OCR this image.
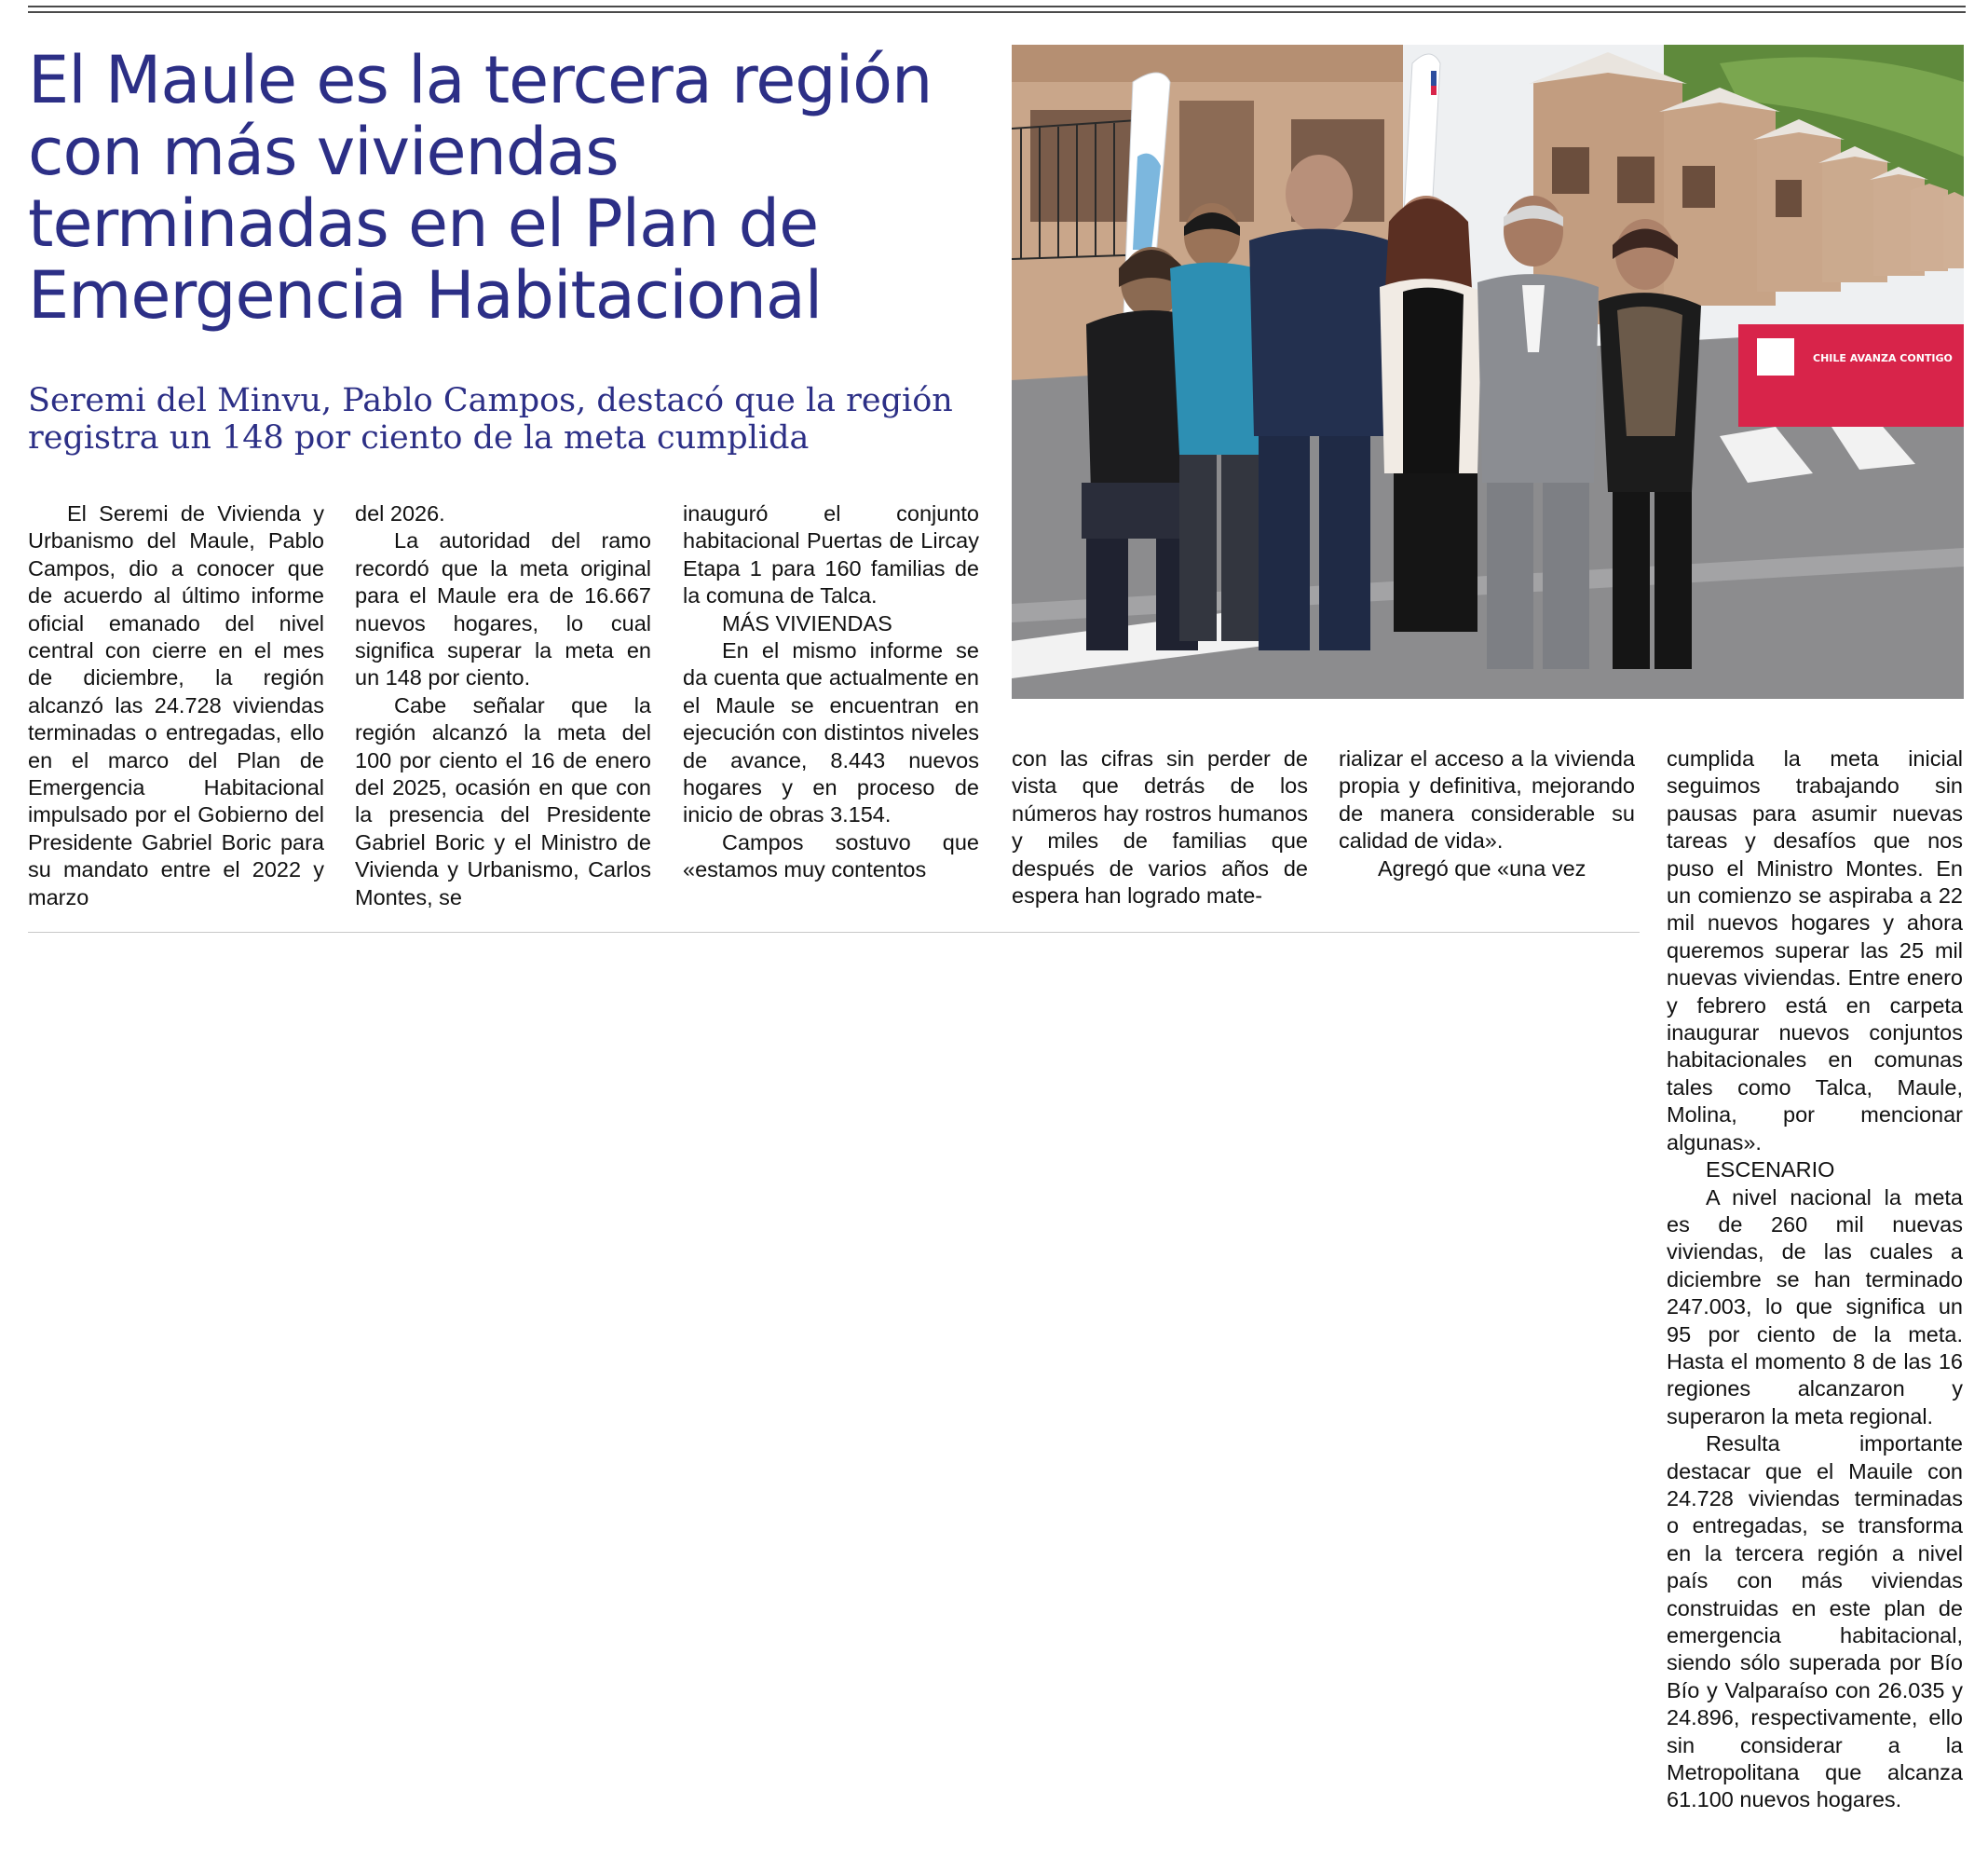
El Maule es la tercera región con más viviendas terminadas en el Plan de Emergencia Habitacional
Seremi del Minvu, Pablo Campos, destacó que la región registra un 148 por ciento de la meta cumplida
CHILE AVANZA CONTIGO

El Seremi de Vivienda y Urbanismo del Maule, Pablo Campos, dio a conocer que de acuerdo al último informe oficial emanado del nivel central con cierre en el mes de diciembre, la región alcanzó las 24.728 viviendas terminadas o entregadas, ello en el marco del Plan de Emergencia Habitacional impulsado por el Gobierno del Presidente Gabriel Boric para su mandato entre el 2022 y marzo

del 2026.

La autoridad del ramo recordó que la meta original para el Maule era de 16.667 nuevos hogares, lo cual significa superar la meta en un 148 por ciento.

Cabe señalar que la región alcanzó la meta del 100 por ciento el 16 de enero del 2025, ocasión en que con la presencia del Presidente Gabriel Boric y el Ministro de Vivienda y Urbanismo, Carlos Montes, se

inauguró el conjunto habitacional Puertas de Lircay Etapa 1 para 160 familias de la comuna de Talca.

MÁS VIVIENDAS

En el mismo informe se da cuenta que actualmente en el Maule se encuentran en ejecución con distintos niveles de avance, 8.443 nuevos hogares y en proceso de inicio de obras 3.154.

Campos sostuvo que «estamos muy contentos

con las cifras sin perder de vista que detrás de los números hay rostros humanos y miles de familias que después de varios años de espera han logrado mate-

rializar el acceso a la vivienda propia y definitiva, mejorando de manera considerable su calidad de vida».

Agregó que «una vez

cumplida la meta inicial seguimos trabajando sin pausas para asumir nuevas tareas y desafíos que nos puso el Ministro Montes. En un comienzo se aspiraba a 22 mil nuevos hogares y ahora queremos superar las 25 mil nuevas viviendas. Entre enero y febrero está en carpeta inaugurar nuevos conjuntos habitacionales en comunas tales como Talca, Maule, Molina, por mencionar algunas».

ESCENARIO

A nivel nacional la meta es de 260 mil nuevas viviendas, de las cuales a diciembre se han terminado 247.003, lo que significa un 95 por ciento de la meta. Hasta el momento 8 de las 16 regiones alcanzaron y superaron la meta regional.

Resulta importante destacar que el Mauile con 24.728 viviendas terminadas o entregadas, se transforma en la tercera región a nivel país con más viviendas construidas en este plan de emergencia habitacional, siendo sólo superada por Bío Bío y Valparaíso con 26.035 y 24.896, respectivamente, ello sin considerar a la Metropolitana que alcanza 61.100 nuevos hogares.
